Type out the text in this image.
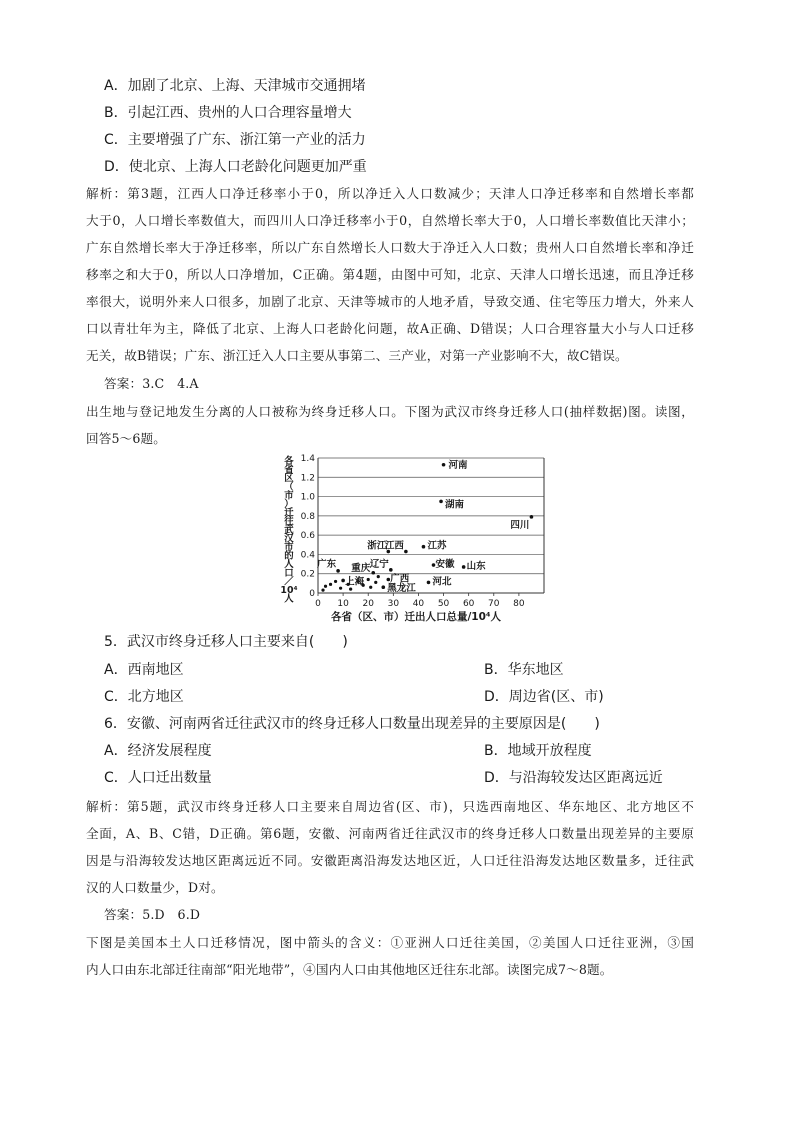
A．加剧了北京、上海、天津城市交通拥堵
B．引起江西、贵州的人口合理容量增大
C．主要增强了广东、浙江第一产业的活力
D．使北京、上海人口老龄化问题更加严重
解析：第3题，江西人口净迁移率小于0，所以净迁入人口数减少；天津人口净迁移率和自然增长率都
大于0，人口增长率数值大，而四川人口净迁移率小于0，自然增长率大于0，人口增长率数值比天津小；
广东自然增长率大于净迁移率，所以广东自然增长人口数大于净迁入人口数；贵州人口自然增长率和净迁
移率之和大于0，所以人口净增加，C正确。第4题，由图中可知，北京、天津人口增长迅速，而且净迁移
率很大，说明外来人口很多，加剧了北京、天津等城市的人地矛盾，导致交通、住宅等压力增大，外来人
口以青壮年为主，降低了北京、上海人口老龄化问题，故A正确、D错误；人口合理容量大小与人口迁移
无关，故B错误；广东、浙江迁入人口主要从事第二、三产业，对第一产业影响不大，故C错误。
答案：3.C　4.A
出生地与登记地发生分离的人口被称为终身迁移人口。下图为武汉市终身迁移人口(抽样数据)图。读图，
回答5～6题。
各
省
区
（
市
）
迁
往
武
汉
市
的
人
口
／
10⁴
人 0
0.2
0.4
0.6
0.8
1.0
1.2
1.4
0 10 20 30 40 50 60 70 80
河南
湖南
四川
浙江
江西 江苏
广东 重庆 辽宁	安徽 山东
上海	广西 河北
黑龙江
各省（区、市）迁出人口总量/10⁴人
5．武汉市终身迁移人口主要来自(　　)
A．西南地区	B．华东地区
C．北方地区	D．周边省(区、市)
6．安徽、河南两省迁往武汉市的终身迁移人口数量出现差异的主要原因是(　　)
A．经济发展程度	B．地域开放程度
C．人口迁出数量	D．与沿海较发达区距离远近
解析：第5题，武汉市终身迁移人口主要来自周边省(区、市)，只选西南地区、华东地区、北方地区不
全面，A、B、C错，D正确。第6题，安徽、河南两省迁往武汉市的终身迁移人口数量出现差异的主要原
因是与沿海较发达地区距离远近不同。安徽距离沿海发达地区近，人口迁往沿海发达地区数量多，迁往武
汉的人口数量少，D对。
答案：5.D　6.D
下图是美国本土人口迁移情况，图中箭头的含义：①亚洲人口迁往美国，②美国人口迁往亚洲，③国
内人口由东北部迁往南部“阳光地带”，④国内人口由其他地区迁往东北部。读图完成7～8题。
